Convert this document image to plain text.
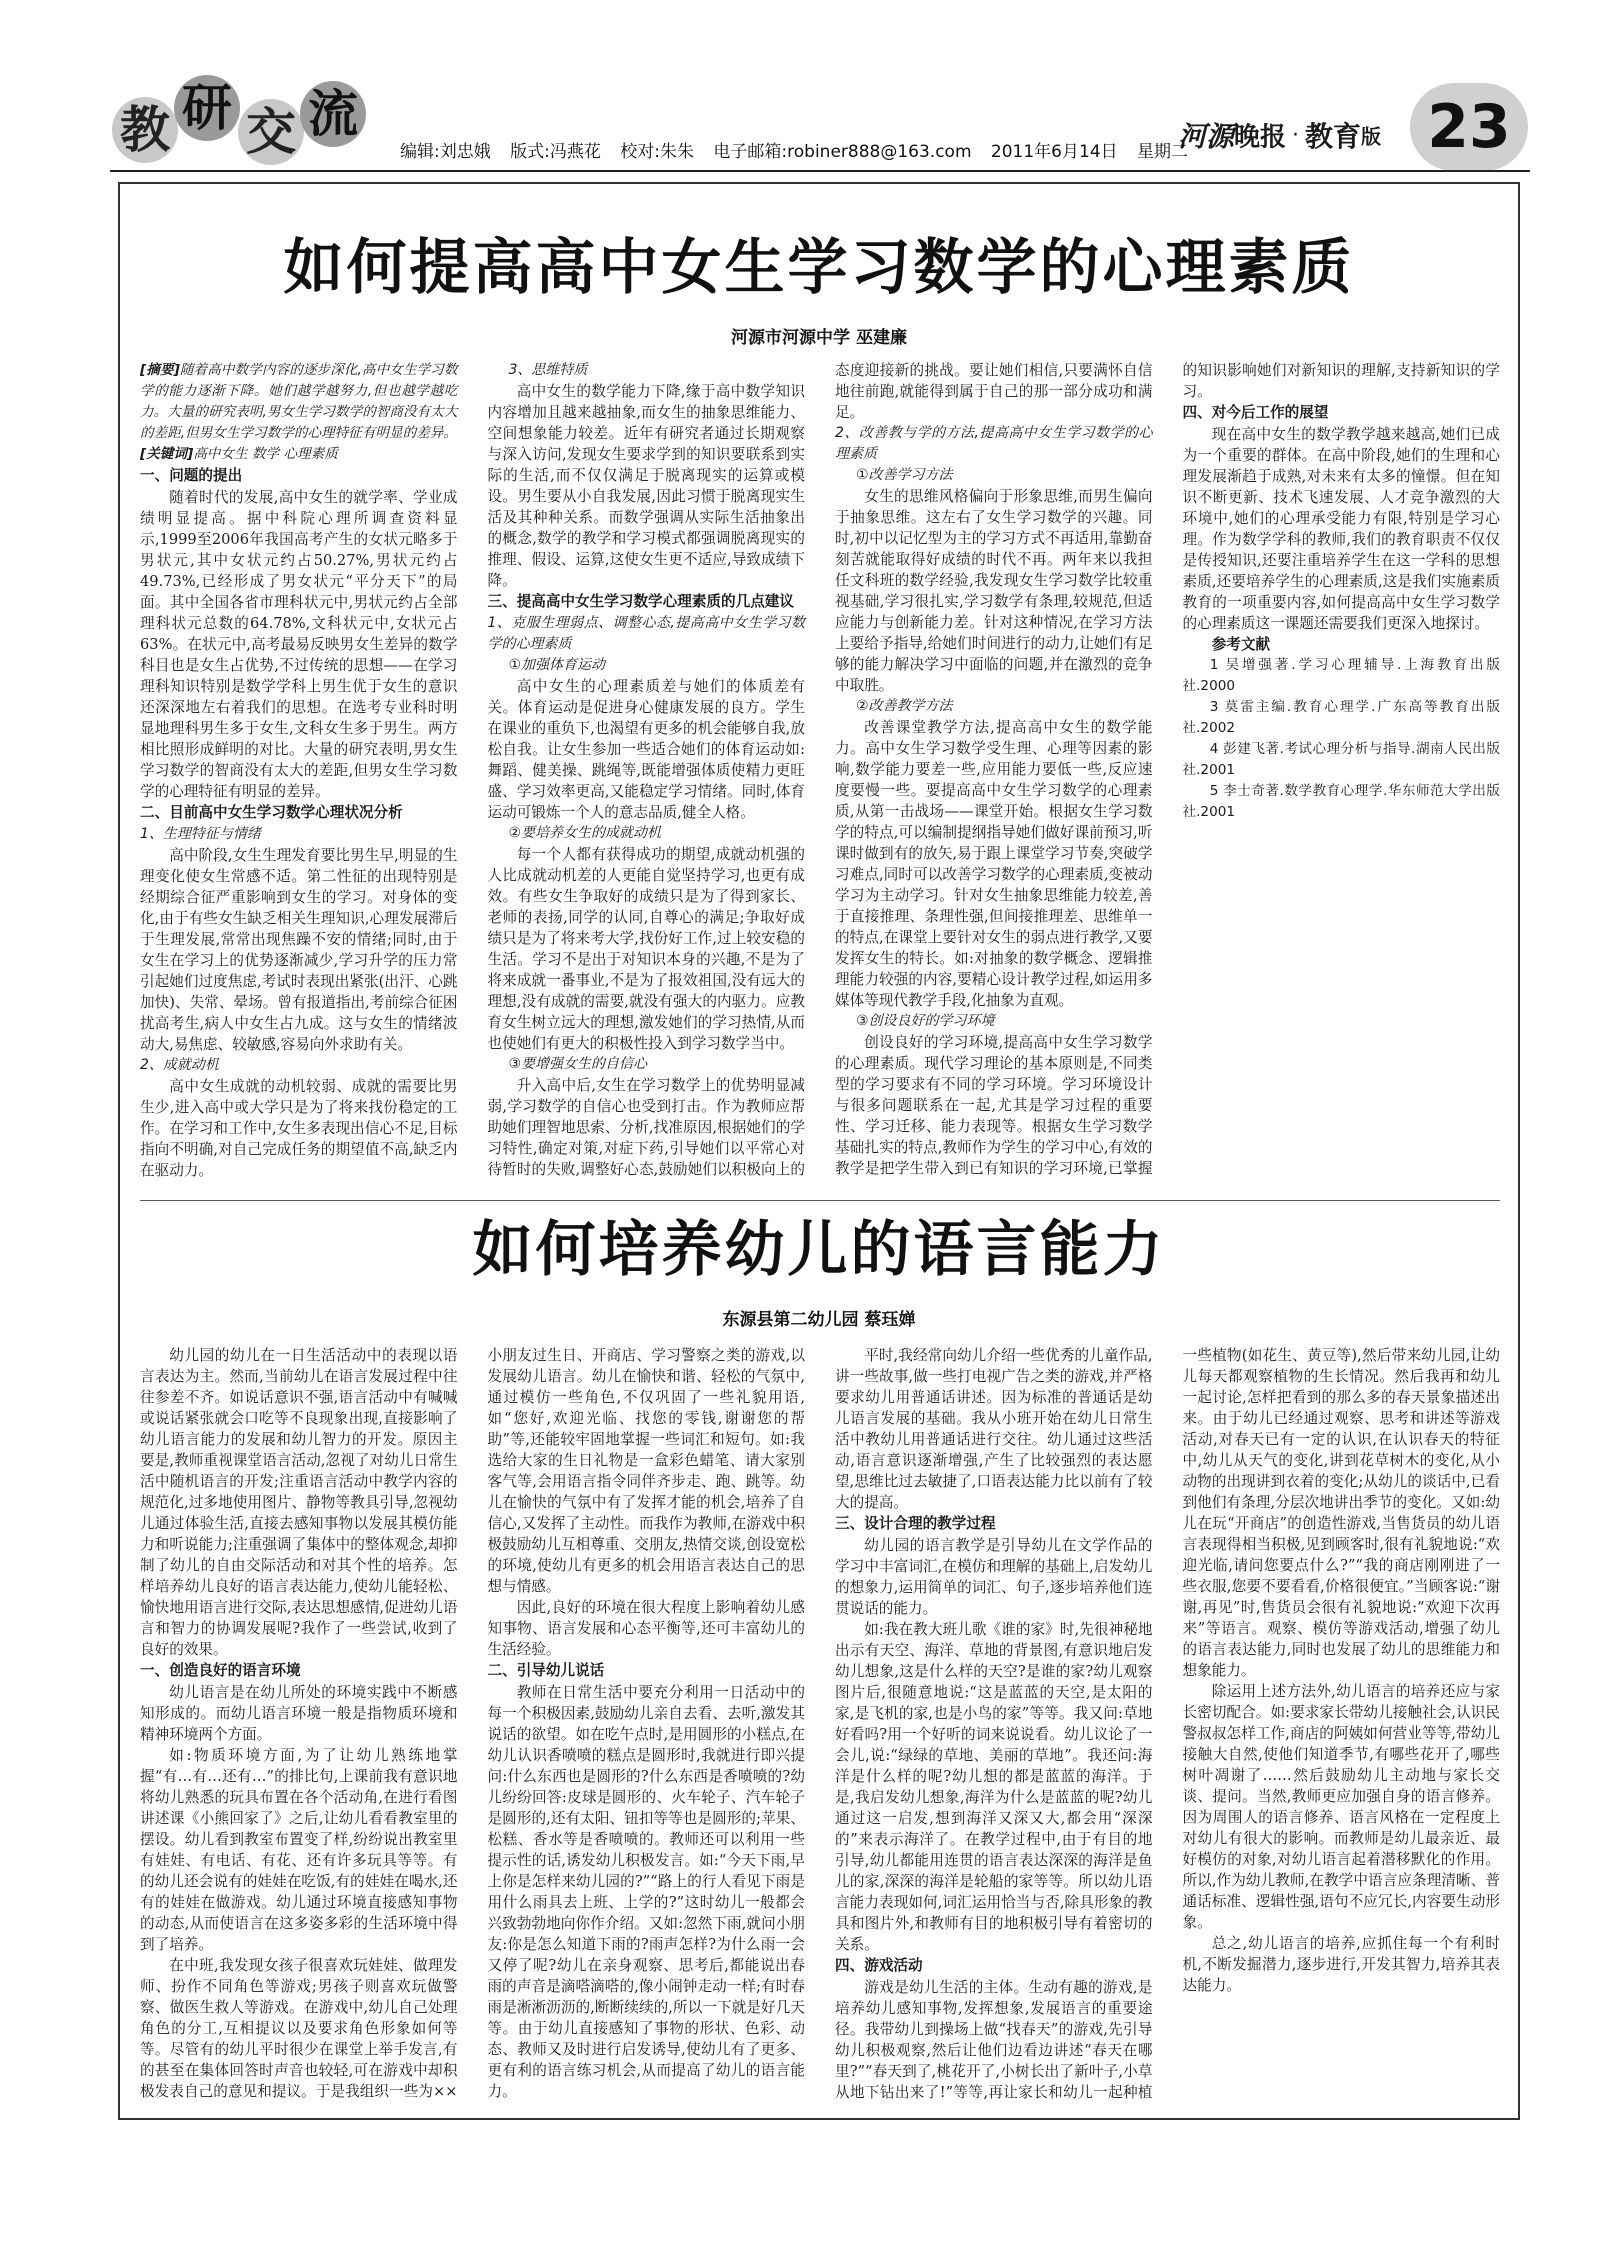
教 研 交 流
编辑:刘忠娥 版式:冯燕花 校对:朱朱 电子邮箱:robiner888@163.com 2011年6月14日 星期二
河源晚报 · 教育版 23
如何提高高中女生学习数学的心理素质
河源市河源中学 巫建廉

[摘要]随着高中数学内容的逐步深化,高中女生学习数学的能力逐渐下降。她们越学越努力,但也越学越吃力。大量的研究表明,男女生学习数学的智商没有太大的差距,但男女生学习数学的心理特征有明显的差异。

[关键词]高中女生 数学 心理素质

一、问题的提出

随着时代的发展,高中女生的就学率、学业成绩明显提高。据中科院心理所调查资料显示,1999至2006年我国高考产生的女状元略多于男状元,其中女状元约占50.27%,男状元约占49.73%,已经形成了男女状元“平分天下”的局面。其中全国各省市理科状元中,男状元约占全部理科状元总数的64.78%,文科状元中,女状元占63%。在状元中,高考最易反映男女生差异的数学科目也是女生占优势,不过传统的思想——在学习理科知识特别是数学学科上男生优于女生的意识还深深地左右着我们的思想。在选考专业科时明显地理科男生多于女生,文科女生多于男生。两方相比照形成鲜明的对比。大量的研究表明,男女生学习数学的智商没有太大的差距,但男女生学习数学的心理特征有明显的差异。

二、目前高中女生学习数学心理状况分析
1、生理特征与情绪

高中阶段,女生生理发育要比男生早,明显的生理变化使女生常感不适。第二性征的出现特别是经期综合征严重影响到女生的学习。对身体的变化,由于有些女生缺乏相关生理知识,心理发展滞后于生理发展,常常出现焦躁不安的情绪;同时,由于女生在学习上的优势逐渐减少,学习升学的压力常引起她们过度焦虑,考试时表现出紧张(出汗、心跳加快)、失常、晕场。曾有报道指出,考前综合征困扰高考生,病人中女生占九成。这与女生的情绪波动大,易焦虑、较敏感,容易向外求助有关。

2、成就动机

高中女生成就的动机较弱、成就的需要比男生少,进入高中或大学只是为了将来找份稳定的工作。在学习和工作中,女生多表现出信心不足,目标指向不明确,对自己完成任务的期望值不高,缺乏内在驱动力。

3、思维特质

高中女生的数学能力下降,缘于高中数学知识内容增加且越来越抽象,而女生的抽象思维能力、空间想象能力较差。近年有研究者通过长期观察与深入访问,发现女生要求学到的知识要联系到实际的生活,而不仅仅满足于脱离现实的运算或模设。男生要从小自我发展,因此习惯于脱离现实生活及其种种关系。而数学强调从实际生活抽象出的概念,数学的教学和学习模式都强调脱离现实的推理、假设、运算,这使女生更不适应,导致成绩下降。

三、提高高中女生学习数学心理素质的几点建议
1、克服生理弱点、调整心态,提高高中女生学习数学的心理素质
①加强体育运动

高中女生的心理素质差与她们的体质差有关。体育运动是促进身心健康发展的良方。学生在课业的重负下,也渴望有更多的机会能够自我,放松自我。让女生参加一些适合她们的体育运动如:舞蹈、健美操、跳绳等,既能增强体质使精力更旺盛、学习效率更高,又能稳定学习情绪。同时,体育运动可锻炼一个人的意志品质,健全人格。

②要培养女生的成就动机

每一个人都有获得成功的期望,成就动机强的人比成就动机差的人更能自觉坚持学习,也更有成效。有些女生争取好的成绩只是为了得到家长、老师的表扬,同学的认同,自尊心的满足;争取好成绩只是为了将来考大学,找份好工作,过上较安稳的生活。学习不是出于对知识本身的兴趣,不是为了将来成就一番事业,不是为了报效祖国,没有远大的理想,没有成就的需要,就没有强大的内驱力。应教育女生树立远大的理想,激发她们的学习热情,从而也使她们有更大的积极性投入到学习数学当中。

③要增强女生的自信心

升入高中后,女生在学习数学上的优势明显减弱,学习数学的自信心也受到打击。作为教师应帮助她们理智地思索、分析,找准原因,根据她们的学习特性,确定对策,对症下药,引导她们以平常心对待暂时的失败,调整好心态,鼓励她们以积极向上的态度迎接新的挑战。要让她们相信,只要满怀自信地往前跑,就能得到属于自己的那一部分成功和满足。

2、改善教与学的方法,提高高中女生学习数学的心理素质
①改善学习方法

女生的思维风格偏向于形象思维,而男生偏向于抽象思维。这左右了女生学习数学的兴趣。同时,初中以记忆型为主的学习方式不再适用,靠勤奋刻苦就能取得好成绩的时代不再。两年来以我担任文科班的数学经验,我发现女生学习数学比较重视基础,学习很扎实,学习数学有条理,较规范,但适应能力与创新能力差。针对这种情况,在学习方法上要给予指导,给她们时间进行的动力,让她们有足够的能力解决学习中面临的问题,并在激烈的竞争中取胜。

②改善教学方法

改善课堂教学方法,提高高中女生的数学能力。高中女生学习数学受生理、心理等因素的影响,数学能力要差一些,应用能力要低一些,反应速度要慢一些。要提高高中女生学习数学的心理素质,从第一击战场——课堂开始。根据女生学习数学的特点,可以编制提纲指导她们做好课前预习,听课时做到有的放矢,易于跟上课堂学习节奏,突破学习难点,同时可以改善学习数学的心理素质,变被动学习为主动学习。针对女生抽象思维能力较差,善于直接推理、条理性强,但间接推理差、思维单一的特点,在课堂上要针对女生的弱点进行教学,又要发挥女生的特长。如:对抽象的数学概念、逻辑推理能力较强的内容,要精心设计教学过程,如运用多媒体等现代教学手段,化抽象为直观。

③创设良好的学习环境

创设良好的学习环境,提高高中女生学习数学的心理素质。现代学习理论的基本原则是,不同类型的学习要求有不同的学习环境。学习环境设计与很多问题联系在一起,尤其是学习过程的重要性、学习迁移、能力表现等。根据女生学习数学基础扎实的特点,教师作为学生的学习中心,有效的教学是把学生带入到已有知识的学习环境,已掌握的知识影响她们对新知识的理解,支持新知识的学习。

四、对今后工作的展望

现在高中女生的数学教学越来越高,她们已成为一个重要的群体。在高中阶段,她们的生理和心理发展渐趋于成熟,对未来有太多的憧憬。但在知识不断更新、技术飞速发展、人才竞争激烈的大环境中,她们的心理承受能力有限,特别是学习心理。作为数学学科的教师,我们的教育职责不仅仅是传授知识,还要注重培养学生在这一学科的思想素质,还要培养学生的心理素质,这是我们实施素质教育的一项重要内容,如何提高高中女生学习数学的心理素质这一课题还需要我们更深入地探讨。

参考文献

1 吴增强著.学习心理辅导.上海教育出版社.2000

3 莫雷主编.教育心理学.广东高等教育出版社.2002

4 彭建飞著.考试心理分析与指导.湖南人民出版社.2001

5 李士奇著.数学教育心理学.华东师范大学出版社.2001

如何培养幼儿的语言能力
东源县第二幼儿园 蔡珏婵

幼儿园的幼儿在一日生活活动中的表现以语言表达为主。然而,当前幼儿在语言发展过程中往往参差不齐。如说话意识不强,语言活动中有喊喊或说话紧张就会口吃等不良现象出现,直接影响了幼儿语言能力的发展和幼儿智力的开发。原因主要是,教师重视课堂语言活动,忽视了对幼儿日常生活中随机语言的开发;注重语言活动中教学内容的规范化,过多地使用图片、静物等教具引导,忽视幼儿通过体验生活,直接去感知事物以发展其模仿能力和听说能力;注重强调了集体中的整体观念,却抑制了幼儿的自由交际活动和对其个性的培养。怎样培养幼儿良好的语言表达能力,使幼儿能轻松、愉快地用语言进行交际,表达思想感情,促进幼儿语言和智力的协调发展呢?我作了一些尝试,收到了良好的效果。

一、创造良好的语言环境

幼儿语言是在幼儿所处的环境实践中不断感知形成的。而幼儿语言环境一般是指物质环境和精神环境两个方面。

如:物质环境方面,为了让幼儿熟练地掌握“有…有…还有…”的排比句,上课前我有意识地将幼儿熟悉的玩具布置在各个活动角,在进行看图讲述课《小熊回家了》之后,让幼儿看看教室里的摆设。幼儿看到教室布置变了样,纷纷说出教室里有娃娃、有电话、有花、还有许多玩具等等。有的幼儿还会说有的娃娃在吃饭,有的娃娃在喝水,还有的娃娃在做游戏。幼儿通过环境直接感知事物的动态,从而使语言在这多姿多彩的生活环境中得到了培养。

在中班,我发现女孩子很喜欢玩娃娃、做理发师、扮作不同角色等游戏;男孩子则喜欢玩做警察、做医生救人等游戏。在游戏中,幼儿自己处理角色的分工,互相提议以及要求角色形象如何等等。尽管有的幼儿平时很少在课堂上举手发言,有的甚至在集体回答时声音也较轻,可在游戏中却积极发表自己的意见和提议。于是我组织一些为××小朋友过生日、开商店、学习警察之类的游戏,以发展幼儿语言。幼儿在愉快和谐、轻松的气氛中,通过模仿一些角色,不仅巩固了一些礼貌用语,如“您好,欢迎光临、找您的零钱,谢谢您的帮助”等,还能较牢固地掌握一些词汇和短句。如:我选给大家的生日礼物是一盒彩色蜡笔、请大家别客气等,会用语言指令同伴齐步走、跑、跳等。幼儿在愉快的气氛中有了发挥才能的机会,培养了自信心,又发挥了主动性。而我作为教师,在游戏中积极鼓励幼儿互相尊重、交朋友,热情交谈,创设宽松的环境,使幼儿有更多的机会用语言表达自己的思想与情感。

因此,良好的环境在很大程度上影响着幼儿感知事物、语言发展和心态平衡等,还可丰富幼儿的生活经验。

二、引导幼儿说话

教师在日常生活中要充分利用一日活动中的每一个积极因素,鼓励幼儿亲自去看、去听,激发其说话的欲望。如在吃午点时,是用圆形的小糕点,在幼儿认识香喷喷的糕点是圆形时,我就进行即兴提问:什么东西也是圆形的?什么东西是香喷喷的?幼儿纷纷回答:皮球是圆形的、火车轮子、汽车轮子是圆形的,还有太阳、钮扣等等也是圆形的;苹果、松糕、香水等是香喷喷的。教师还可以利用一些提示性的话,诱发幼儿积极发言。如:“今天下雨,早上你是怎样来幼儿园的?”“路上的行人看见下雨是用什么雨具去上班、上学的?”这时幼儿一般都会兴致勃勃地向你作介绍。又如:忽然下雨,就问小朋友:你是怎么知道下雨的?雨声怎样?为什么雨一会又停了呢?幼儿在亲身观察、思考后,都能说出春雨的声音是滴嗒滴嗒的,像小闹钟走动一样;有时春雨是淅淅沥沥的,断断续续的,所以一下就是好几天等。由于幼儿直接感知了事物的形状、色彩、动态、教师又及时进行启发诱导,使幼儿有了更多、更有利的语言练习机会,从而提高了幼儿的语言能力。

平时,我经常向幼儿介绍一些优秀的儿童作品,讲一些故事,做一些打电视广告之类的游戏,并严格要求幼儿用普通话讲述。因为标准的普通话是幼儿语言发展的基础。我从小班开始在幼儿日常生活中教幼儿用普通话进行交往。幼儿通过这些活动,语言意识逐渐增强,产生了比较强烈的表达愿望,思维比过去敏捷了,口语表达能力比以前有了较大的提高。

三、设计合理的教学过程

幼儿园的语言教学是引导幼儿在文学作品的学习中丰富词汇,在模仿和理解的基础上,启发幼儿的想象力,运用简单的词汇、句子,逐步培养他们连贯说话的能力。

如:我在教大班儿歌《谁的家》时,先很神秘地出示有天空、海洋、草地的背景图,有意识地启发幼儿想象,这是什么样的天空?是谁的家?幼儿观察图片后,很随意地说:“这是蓝蓝的天空,是太阳的家,是飞机的家,也是小鸟的家”等等。我又问:草地好看吗?用一个好听的词来说说看。幼儿议论了一会儿,说:“绿绿的草地、美丽的草地”。我还问:海洋是什么样的呢?幼儿想的都是蓝蓝的海洋。于是,我启发幼儿想象,海洋为什么是蓝蓝的呢?幼儿通过这一启发,想到海洋又深又大,都会用“深深的”来表示海洋了。在教学过程中,由于有目的地引导,幼儿都能用连贯的语言表达深深的海洋是鱼儿的家,深深的海洋是轮船的家等等。所以幼儿语言能力表现如何,词汇运用恰当与否,除具形象的教具和图片外,和教师有目的地积极引导有着密切的关系。

四、游戏活动

游戏是幼儿生活的主体。生动有趣的游戏,是培养幼儿感知事物,发挥想象,发展语言的重要途径。我带幼儿到操场上做“找春天”的游戏,先引导幼儿积极观察,然后让他们边看边讲述“春天在哪里?”“春天到了,桃花开了,小树长出了新叶子,小草从地下钻出来了!”等等,再让家长和幼儿一起种植一些植物(如花生、黄豆等),然后带来幼儿园,让幼儿每天都观察植物的生长情况。然后我再和幼儿一起讨论,怎样把看到的那么多的春天景象描述出来。由于幼儿已经通过观察、思考和讲述等游戏活动,对春天已有一定的认识,在认识春天的特征中,幼儿从天气的变化,讲到花草树木的变化,从小动物的出现讲到衣着的变化;从幼儿的谈话中,已看到他们有条理,分层次地讲出季节的变化。又如:幼儿在玩“开商店”的创造性游戏,当售货员的幼儿语言表现得相当积极,见到顾客时,很有礼貌地说:“欢迎光临,请问您要点什么?”“我的商店刚刚进了一些衣服,您要不要看看,价格很便宜。”当顾客说:“谢谢,再见”时,售货员会很有礼貌地说:“欢迎下次再来”等语言。观察、模仿等游戏活动,增强了幼儿的语言表达能力,同时也发展了幼儿的思维能力和想象能力。

除运用上述方法外,幼儿语言的培养还应与家长密切配合。如:要求家长带幼儿接触社会,认识民警叔叔怎样工作,商店的阿姨如何营业等等,带幼儿接触大自然,使他们知道季节,有哪些花开了,哪些树叶凋谢了……然后鼓励幼儿主动地与家长交谈、提问。当然,教师更应加强自身的语言修养。因为周围人的语言修养、语言风格在一定程度上对幼儿有很大的影响。而教师是幼儿最亲近、最好模仿的对象,对幼儿语言起着潜移默化的作用。所以,作为幼儿教师,在教学中语言应条理清晰、普通话标准、逻辑性强,语句不应冗长,内容要生动形象。

总之,幼儿语言的培养,应抓住每一个有利时机,不断发掘潜力,逐步进行,开发其智力,培养其表达能力。
